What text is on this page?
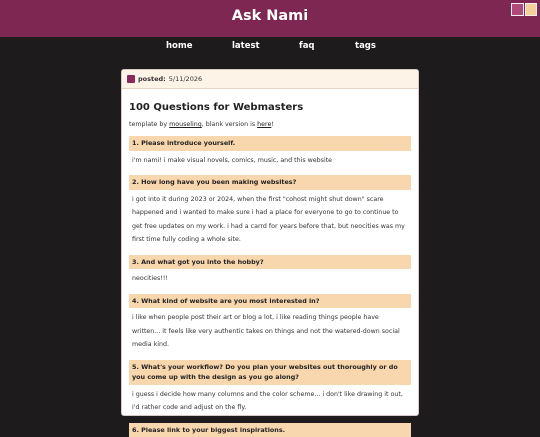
Ask Nami
home	latest	faq	tags
posted: 5/11/2026
100 Questions for Webmasters
template by mouseling, blank version is here!
1. Please introduce yourself.
i'm nami! i make visual novels, comics, music, and this website
2. How long have you been making websites?
i got into it during 2023 or 2024, when the first "cohost might shut down" scare happened and i wanted to make sure i had a place for everyone to go to continue to get free updates on my work. i had a carrd for years before that, but neocities was my first time fully coding a whole site.
3. And what got you into the hobby?
neocities!!!
4. What kind of website are you most interested in?
i like when people post their art or blog a lot, i like reading things people have written... it feels like very authentic takes on things and not the watered-down social media kind.
5. What's your workflow? Do you plan your websites out thoroughly or do you come up with the design as you go along?
i guess i decide how many columns and the color scheme... i don't like drawing it out, i'd rather code and adjust on the fly.
6. Please link to your biggest inspirations.
